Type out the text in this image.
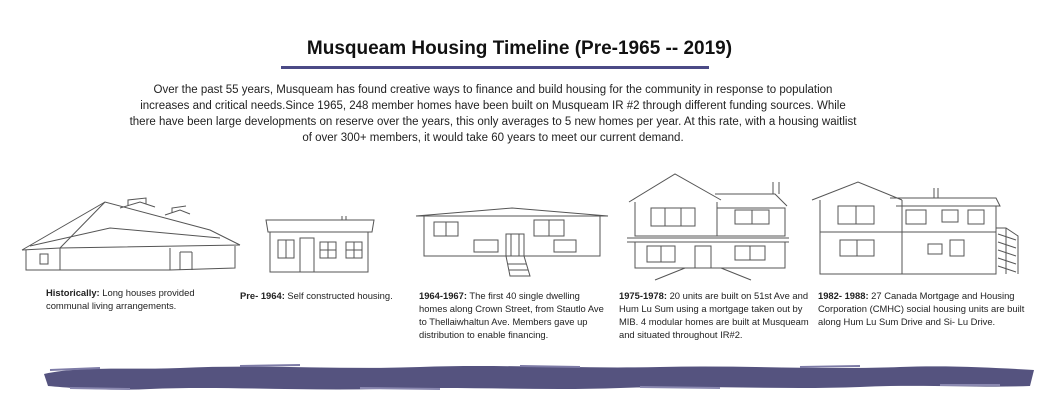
Musqueam Housing Timeline (Pre-1965 -- 2019)
Over the past 55 years, Musqueam has found creative ways to finance and build housing for the community in response to population increases and critical needs.Since 1965, 248 member homes have been built on Musqueam IR #2 through different funding sources. While there have been large developments on reserve over the years, this only averages to 5 new homes per year. At this rate, with a housing waitlist of over 300+ members, it would take 60 years to meet our current demand.
Historically: Long houses provided communal living arrangements.
Pre- 1964: Self constructed housing.	1964-1967: The first 40 single dwelling homes along Crown Street, from Stautlo Ave to Thellaiwhaltun Ave. Members gave up distribution to enable financing.
1975-1978: 20 units are built on 51st Ave and Hum Lu Sum using a mortgage taken out by MIB. 4 modular homes are built at Musqueam and situated throughout IR#2.
1982- 1988: 27 Canada Mortgage and Housing Corporation (CMHC) social housing units are built along Hum Lu Sum Drive and Si- Lu Drive.
